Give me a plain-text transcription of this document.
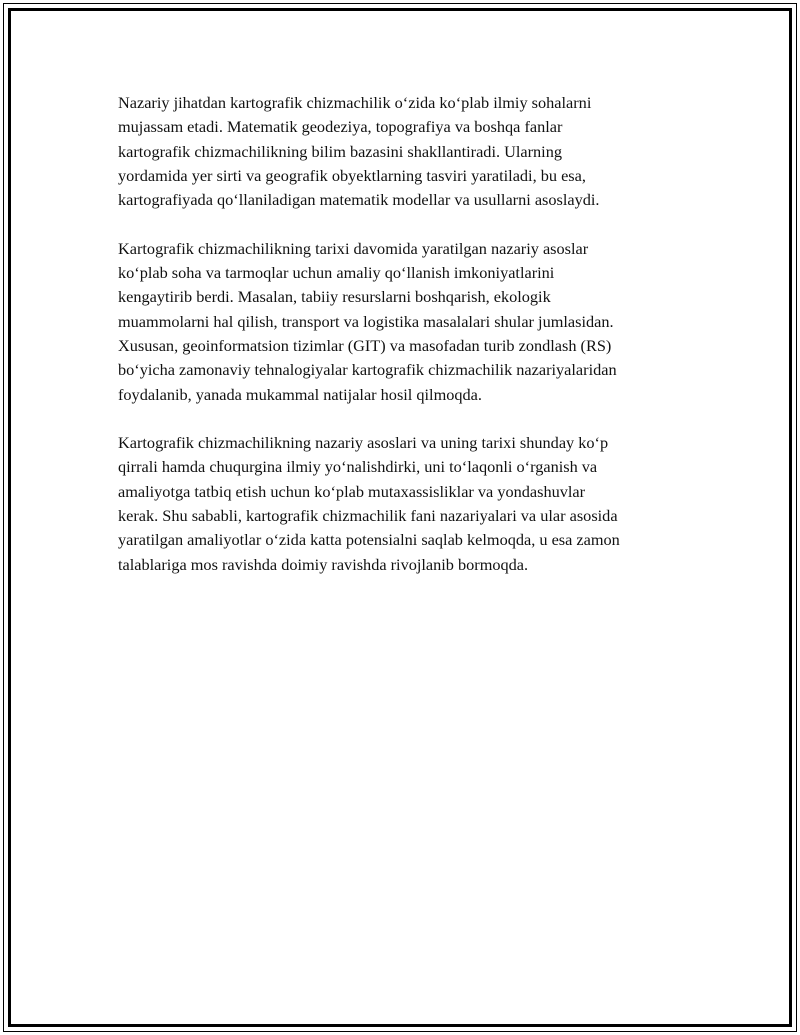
Nazariy jihatdan kartografik chizmachilik o‘zida ko‘plab ilmiy sohalarni
mujassam etadi. Matematik geodeziya, topografiya va boshqa fanlar
kartografik chizmachilikning bilim bazasini shakllantiradi. Ularning
yordamida yer sirti va geografik obyektlarning tasviri yaratiladi, bu esa,
kartografiyada qo‘llaniladigan matematik modellar va usullarni asoslaydi.

Kartografik chizmachilikning tarixi davomida yaratilgan nazariy asoslar
ko‘plab soha va tarmoqlar uchun amaliy qo‘llanish imkoniyatlarini
kengaytirib berdi. Masalan, tabiiy resurslarni boshqarish, ekologik
muammolarni hal qilish, transport va logistika masalalari shular jumlasidan.
Xususan, geoinformatsion tizimlar (GIT) va masofadan turib zondlash (RS)
bo‘yicha zamonaviy tehnalogiyalar kartografik chizmachilik nazariyalaridan
foydalanib, yanada mukammal natijalar hosil qilmoqda.

Kartografik chizmachilikning nazariy asoslari va uning tarixi shunday ko‘p
qirrali hamda chuqurgina ilmiy yo‘nalishdirki, uni to‘laqonli o‘rganish va
amaliyotga tatbiq etish uchun ko‘plab mutaxassisliklar va yondashuvlar
kerak. Shu sababli, kartografik chizmachilik fani nazariyalari va ular asosida
yaratilgan amaliyotlar o‘zida katta potensialni saqlab kelmoqda, u esa zamon
talablariga mos ravishda doimiy ravishda rivojlanib bormoqda.
